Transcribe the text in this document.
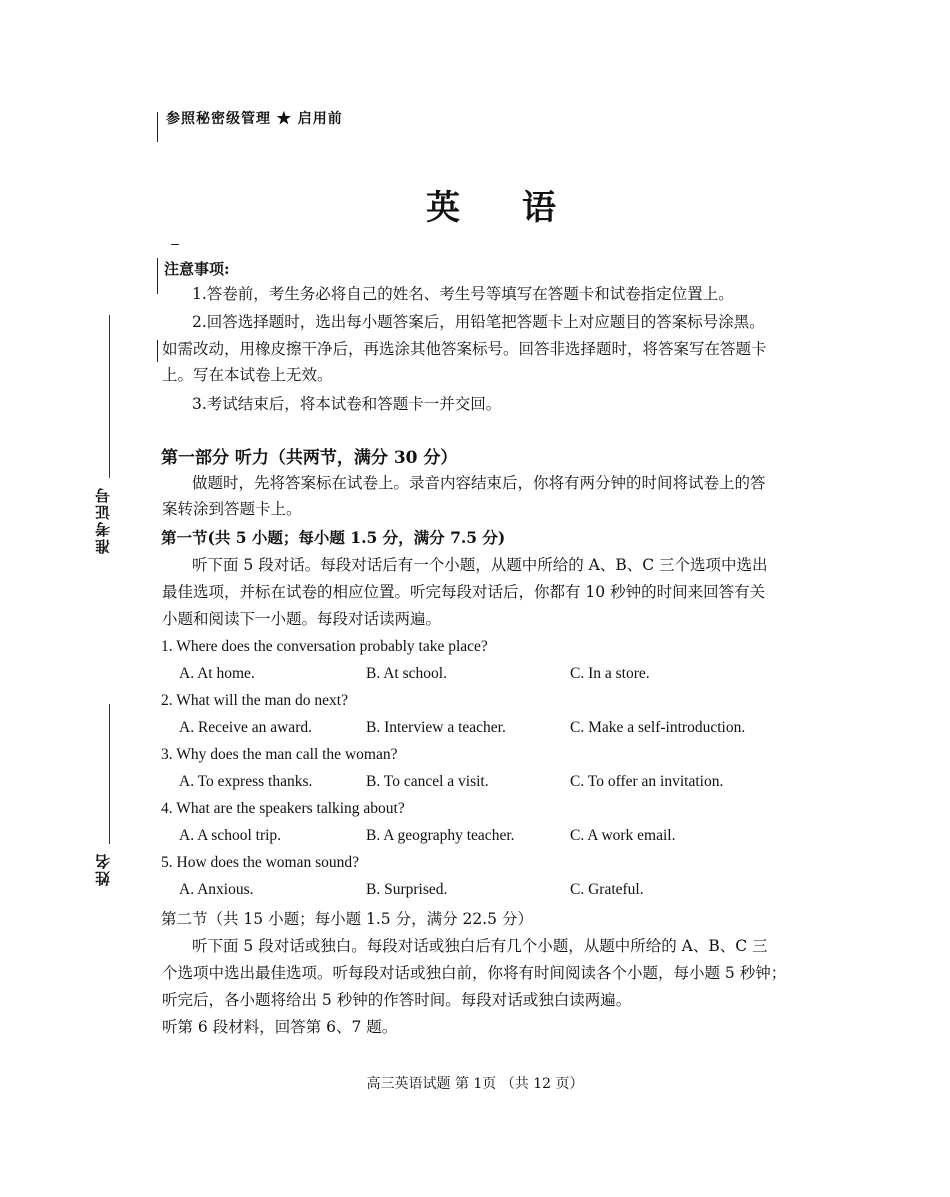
参照秘密级管理 ★ 启用前
英 语
准考证号
姓名
注意事项:
1.答卷前，考生务必将自己的姓名、考生号等填写在答题卡和试卷指定位置上。
2.回答选择题时，选出每小题答案后，用铅笔把答题卡上对应题目的答案标号涂黑。
如需改动，用橡皮擦干净后，再选涂其他答案标号。回答非选择题时，将答案写在答题卡
上。写在本试卷上无效。
3.考试结束后，将本试卷和答题卡一并交回。
第一部分 听力（共两节，满分 30 分）
做题时，先将答案标在试卷上。录音内容结束后，你将有两分钟的时间将试卷上的答
案转涂到答题卡上。
第一节(共 5 小题；每小题 1.5 分，满分 7.5 分)
听下面 5 段对话。每段对话后有一个小题，从题中所给的 A、B、C 三个选项中选出
最佳选项，并标在试卷的相应位置。听完每段对话后，你都有 10 秒钟的时间来回答有关
小题和阅读下一小题。每段对话读两遍。
1. Where does the conversation probably take place?
A. At home.	B. At school.	C. In a store.
2. What will the man do next?
A. Receive an award.	B. Interview a teacher.	C. Make a self-introduction.
3. Why does the man call the woman?
A. To express thanks.	B. To cancel a visit.	C. To offer an invitation.
4. What are the speakers talking about?
A. A school trip.	B. A geography teacher.	C. A work email.
5. How does the woman sound?
A. Anxious.	B. Surprised.	C. Grateful.
第二节（共 15 小题；每小题 1.5 分，满分 22.5 分）
听下面 5 段对话或独白。每段对话或独白后有几个小题，从题中所给的 A、B、C 三
个选项中选出最佳选项。听每段对话或独白前，你将有时间阅读各个小题，每小题 5 秒钟；
听完后，各小题将给出 5 秒钟的作答时间。每段对话或独白读两遍。
听第 6 段材料，回答第 6、7 题。
高三英语试题 第 1页 （共 12 页）
